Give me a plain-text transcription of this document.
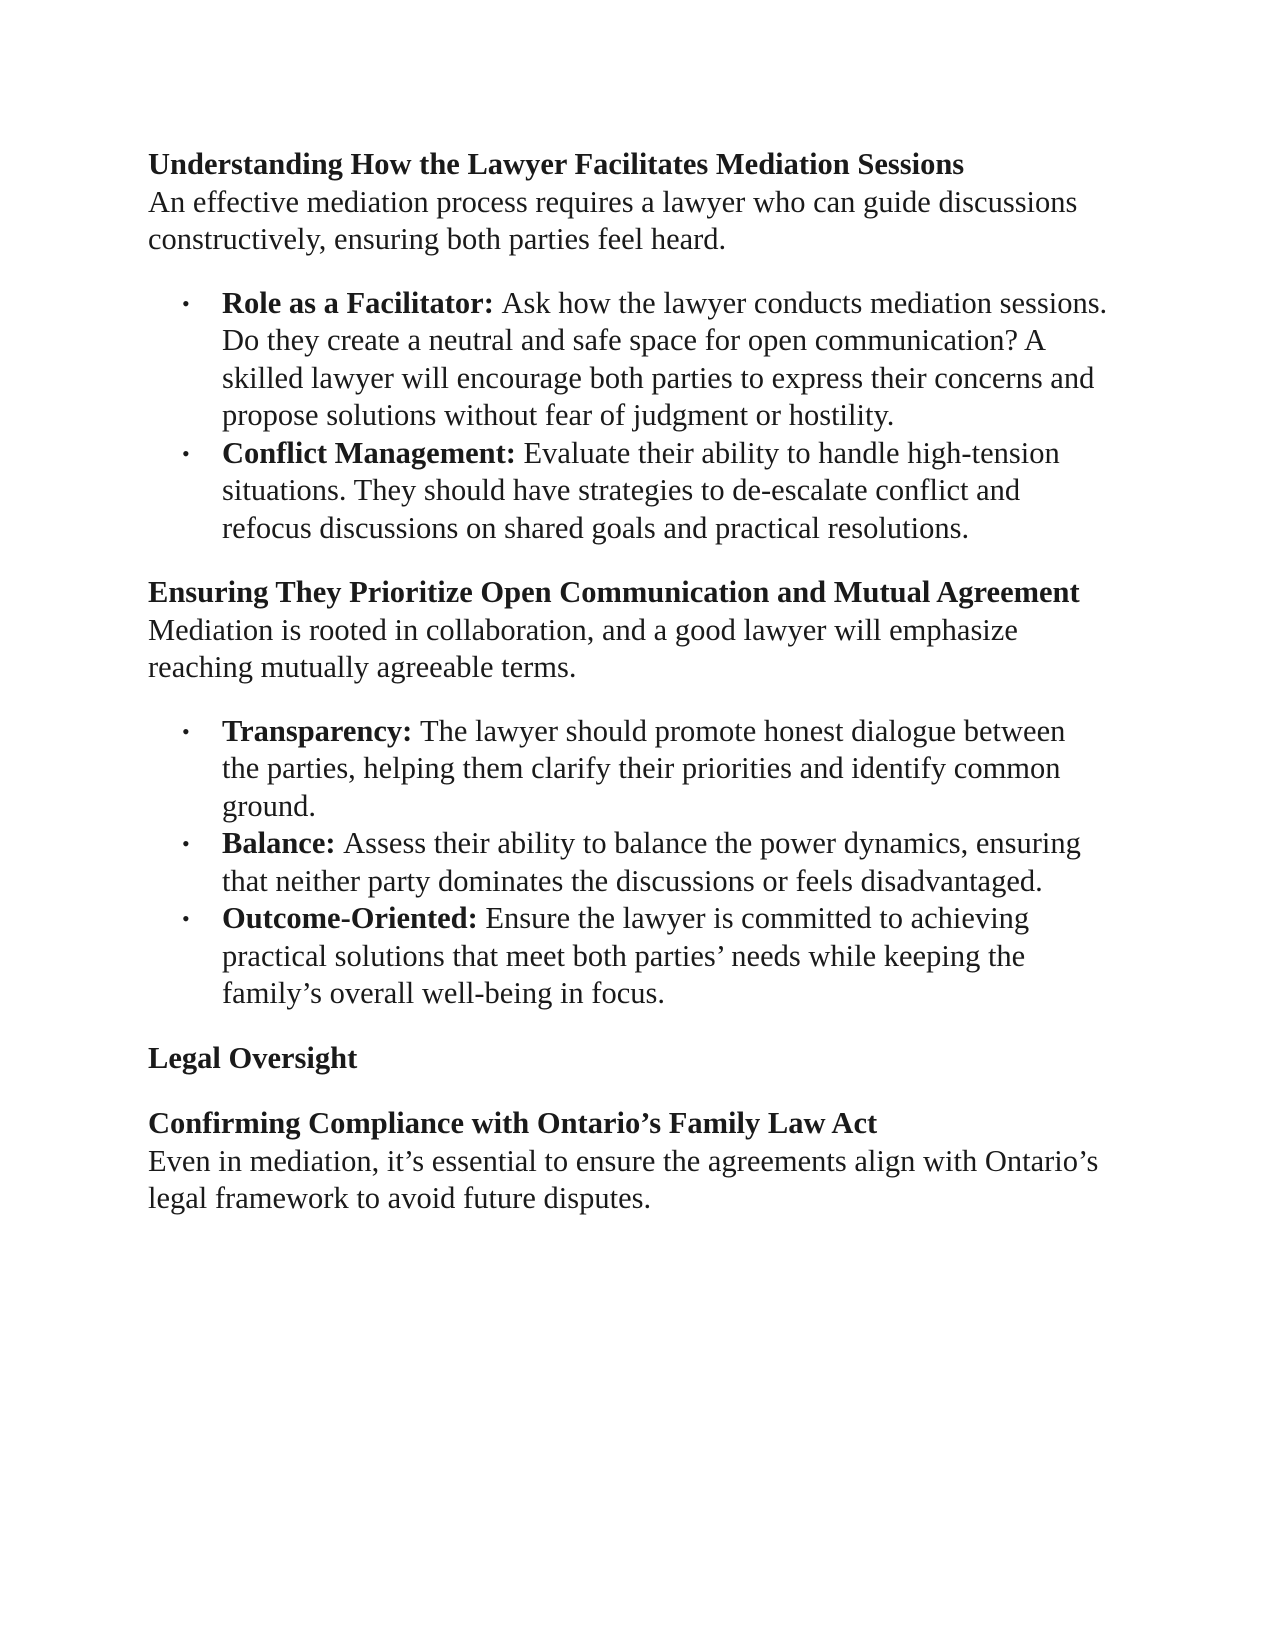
Understanding How the Lawyer Facilitates Mediation Sessions

An effective mediation process requires a lawyer who can guide discussions constructively, ensuring both parties feel heard.

• Role as a Facilitator: Ask how the lawyer conducts mediation sessions. Do they create a neutral and safe space for open communication? A skilled lawyer will encourage both parties to express their concerns and propose solutions without fear of judgment or hostility.
• Conflict Management: Evaluate their ability to handle high-tension situations. They should have strategies to de-escalate conflict and refocus discussions on shared goals and practical resolutions.
Ensuring They Prioritize Open Communication and Mutual Agreement

Mediation is rooted in collaboration, and a good lawyer will emphasize reaching mutually agreeable terms.

• Transparency: The lawyer should promote honest dialogue between the parties, helping them clarify their priorities and identify common ground.
• Balance: Assess their ability to balance the power dynamics, ensuring that neither party dominates the discussions or feels disadvantaged.
• Outcome-Oriented: Ensure the lawyer is committed to achieving practical solutions that meet both parties’ needs while keeping the family’s overall well-being in focus.
Legal Oversight
Confirming Compliance with Ontario’s Family Law Act

Even in mediation, it’s essential to ensure the agreements align with Ontario’s legal framework to avoid future disputes.
